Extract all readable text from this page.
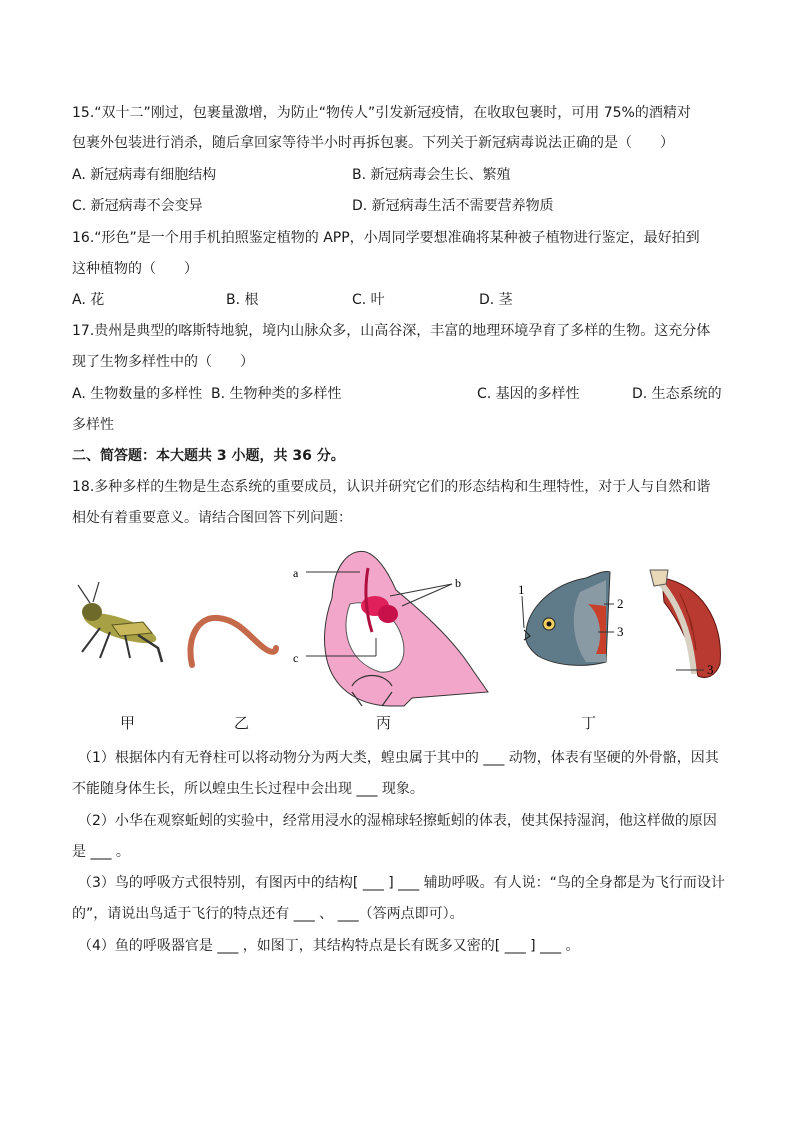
15.“双十二”刚过，包裹量激增，为防止“物传人”引发新冠疫情，在收取包裹时，可用 75%的酒精对
包裹外包装进行消杀，随后拿回家等待半小时再拆包裹。下列关于新冠病毒说法正确的是（　　）
A. 新冠病毒有细胞结构	B. 新冠病毒会生长、繁殖
C. 新冠病毒不会变异	D. 新冠病毒生活不需要营养物质
16.“形色”是一个用手机拍照鉴定植物的 APP，小周同学要想准确将某种被子植物进行鉴定，最好拍到
这种植物的（　　）
A. 花	B. 根	C. 叶	D. 茎
17.贵州是典型的喀斯特地貌，境内山脉众多，山高谷深，丰富的地理环境孕育了多样的生物。这充分体
现了生物多样性中的（　　）
A. 生物数量的多样性 B. 生物种类的多样性	C. 基因的多样性	D. 生态系统的
多样性
二、简答题：本大题共 3 小题，共 36 分。
18.多种多样的生物是生态系统的重要成员，认识并研究它们的形态结构和生理特性，对于人与自然和谐
相处有着重要意义。请结合图回答下列问题：
a
b
c
1
2
3
3
甲	乙	丙	丁
（1）根据体内有无脊柱可以将动物分为两大类，蝗虫属于其中的 ___ 动物，体表有坚硬的外骨骼，因其
不能随身体生长，所以蝗虫生长过程中会出现 ___ 现象。
（2）小华在观察蚯蚓的实验中，经常用浸水的湿棉球轻擦蚯蚓的体表，使其保持湿润，他这样做的原因
是 ___ 。
（3）鸟的呼吸方式很特别，有图丙中的结构[ ___ ] ___ 辅助呼吸。有人说：“鸟的全身都是为飞行而设计
的”，请说出鸟适于飞行的特点还有 ___ 、 ___（答两点即可）。
（4）鱼的呼吸器官是 ___ ，如图丁，其结构特点是长有既多又密的[ ___ ] ___ 。
